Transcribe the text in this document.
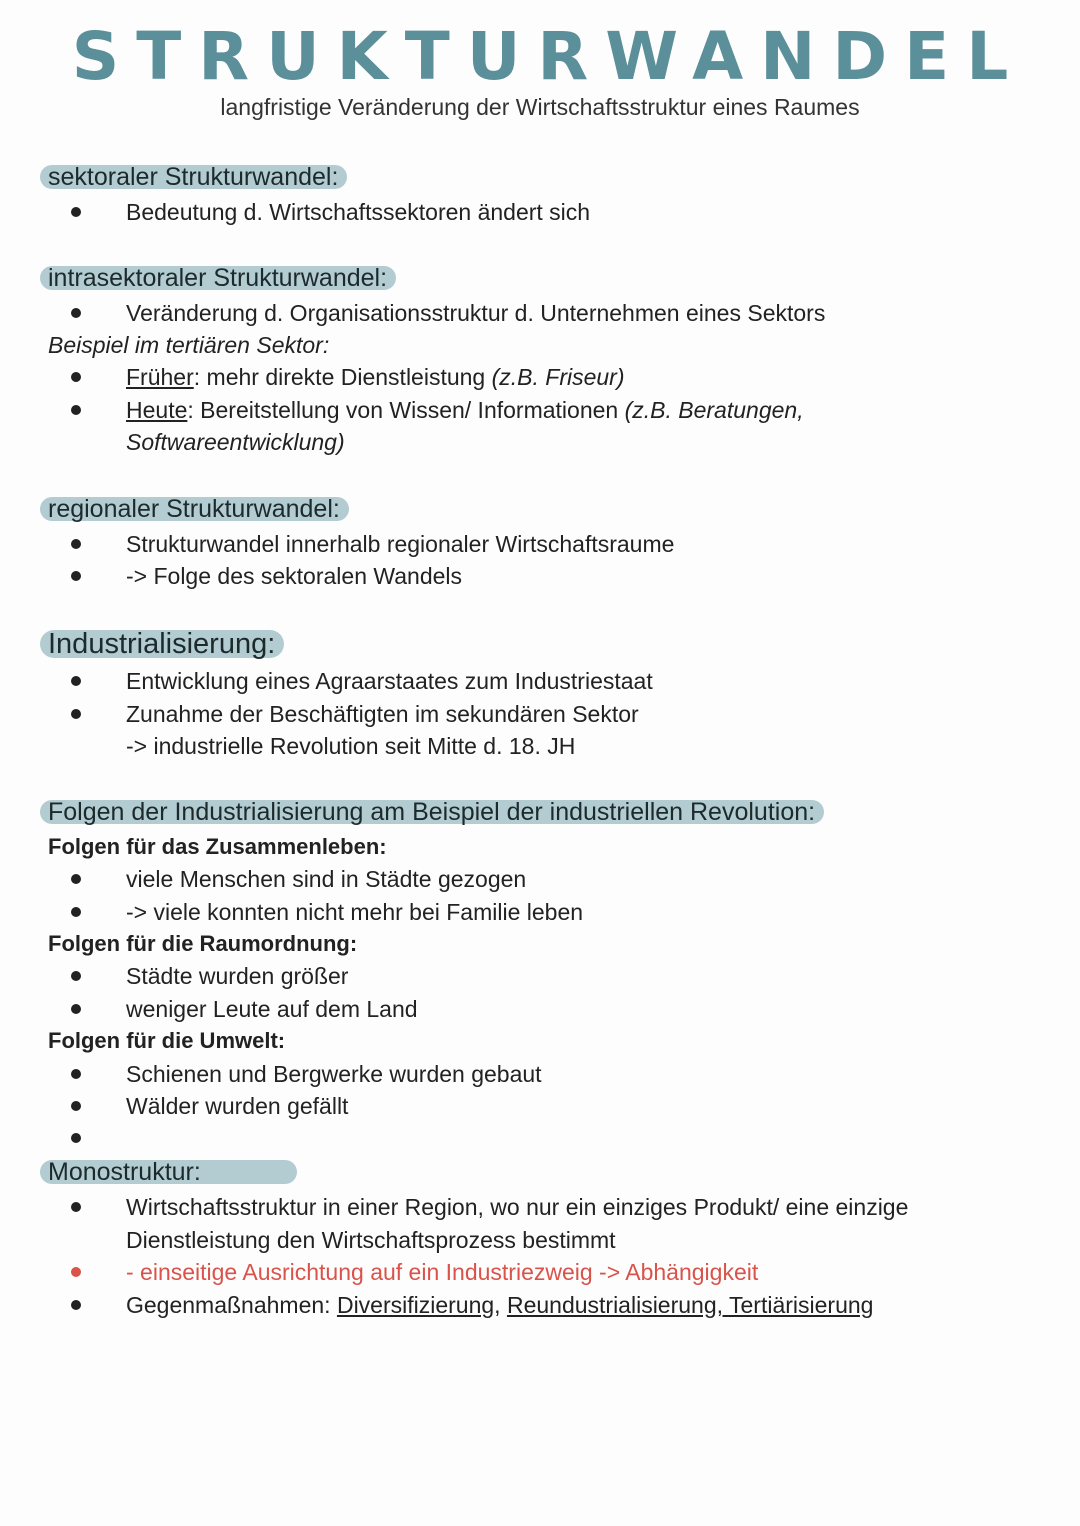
STRUKTURWANDEL
langfristige Veränderung der Wirtschaftsstruktur eines Raumes
sektoraler Strukturwandel:
Bedeutung d. Wirtschaftssektoren ändert sich
intrasektoraler Strukturwandel:
Veränderung d. Organisationsstruktur d. Unternehmen eines Sektors
Beispiel im tertiären Sektor:
Früher: mehr direkte Dienstleistung (z.B. Friseur)
Heute: Bereitstellung von Wissen/ Informationen (z.B. Beratungen,
Softwareentwicklung)
regionaler Strukturwandel:
Strukturwandel innerhalb regionaler Wirtschaftsraume
-> Folge des sektoralen Wandels
Industrialisierung:
Entwicklung eines Agraarstaates zum Industriestaat
Zunahme der Beschäftigten im sekundären Sektor
-> industrielle Revolution seit Mitte d. 18. JH
Folgen der Industrialisierung am Beispiel der industriellen Revolution:
Folgen für das Zusammenleben:
viele Menschen sind in Städte gezogen
-> viele konnten nicht mehr bei Familie leben
Folgen für die Raumordnung:
Städte wurden größer
weniger Leute auf dem Land
Folgen für die Umwelt:
Schienen und Bergwerke wurden gebaut
Wälder wurden gefällt
Monostruktur:
Wirtschaftsstruktur in einer Region, wo nur ein einziges Produkt/ eine einzige
Dienstleistung den Wirtschaftsprozess bestimmt
- einseitige Ausrichtung auf ein Industriezweig -> Abhängigkeit
Gegenmaßnahmen: Diversifizierung, Reundustrialisierung, Tertiärisierung
